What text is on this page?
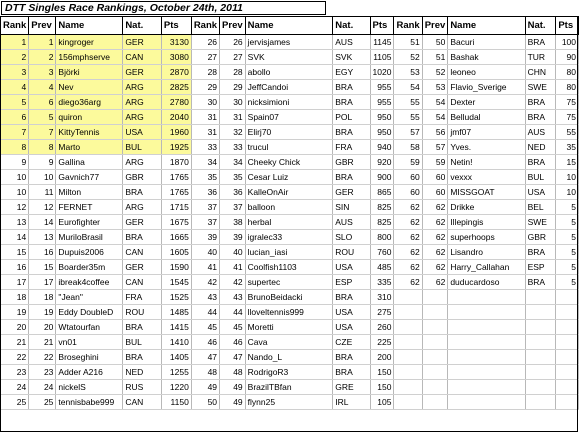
DTT Singles Race Rankings, October 24th, 2011
Rank	Prev	Name	Nat.	Pts	Rank	Prev	Name	Nat.	Pts	Rank	Prev	Name	Nat.	Pts
1	1	kingroger	GER	3130	26	26	jervisjames	AUS	1145	51	50	Bacuri	BRA	100
2	2	156mphserve	CAN	3080	27	27	SVK	SVK	1105	52	51	Bashak	TUR	90
3	3	Björki	GER	2870	28	28	abollo	EGY	1020	53	52	leoneo	CHN	80
4	4	Nev	ARG	2825	29	29	JeffCandoi	BRA	955	54	53	Flavio_Sverige	SWE	80
5	6	diego36arg	ARG	2780	30	30	nicksimioni	BRA	955	55	54	Dexter	BRA	75
6	5	quiron	ARG	2040	31	31	Spain07	POL	950	55	54	Belludal	BRA	75
7	7	KittyTennis	USA	1960	31	32	Elirj70	BRA	950	57	56	jmf07	AUS	55
8	8	Marto	BUL	1925	33	33	trucul	FRA	940	58	57	Yves.	NED	35
9	9	Gallina	ARG	1870	34	34	Cheeky Chick	GBR	920	59	59	Netin!	BRA	15
10	10	Gavnich77	GBR	1765	35	35	Cesar Luiz	BRA	900	60	60	vexxx	BUL	10
10	11	Milton	BRA	1765	36	36	KalleOnAir	GER	865	60	60	MISSGOAT	USA	10
12	12	FERNET	ARG	1715	37	37	balloon	SIN	825	62	62	Drikke	BEL	5
13	14	Eurofighter	GER	1675	37	38	herbal	AUS	825	62	62	Illepingis	SWE	5
14	13	MuriloBrasil	BRA	1665	39	39	igralec33	SLO	800	62	62	superhoops	GBR	5
15	16	Dupuis2006	CAN	1605	40	40	lucian_iasi	ROU	760	62	62	Lisandro	BRA	5
16	15	Boarder35m	GER	1590	41	41	Coolfish1103	USA	485	62	62	Harry_Callahan	ESP	5
17	17	ibreak4coffee	CAN	1545	42	42	supertec	ESP	335	62	62	duducardoso	BRA	5
18	18	"Jean"	FRA	1525	43	43	BrunoBeidacki	BRA	310					
19	19	Eddy DoubleD	ROU	1485	44	44	lloveltennis999	USA	275					
20	20	Wtatourfan	BRA	1415	45	45	Moretti	USA	260					
21	21	vn01	BUL	1410	46	46	Cava	CZE	225					
22	22	Broseghini	BRA	1405	47	47	Nando_L	BRA	200					
23	23	Adder A216	NED	1255	48	48	RodrigoR3	BRA	150					
24	24	nickelS	RUS	1220	49	49	BrazilTBfan	GRE	150					
25	25	tennisbabe999	CAN	1150	50	49	flynn25	IRL	105					
